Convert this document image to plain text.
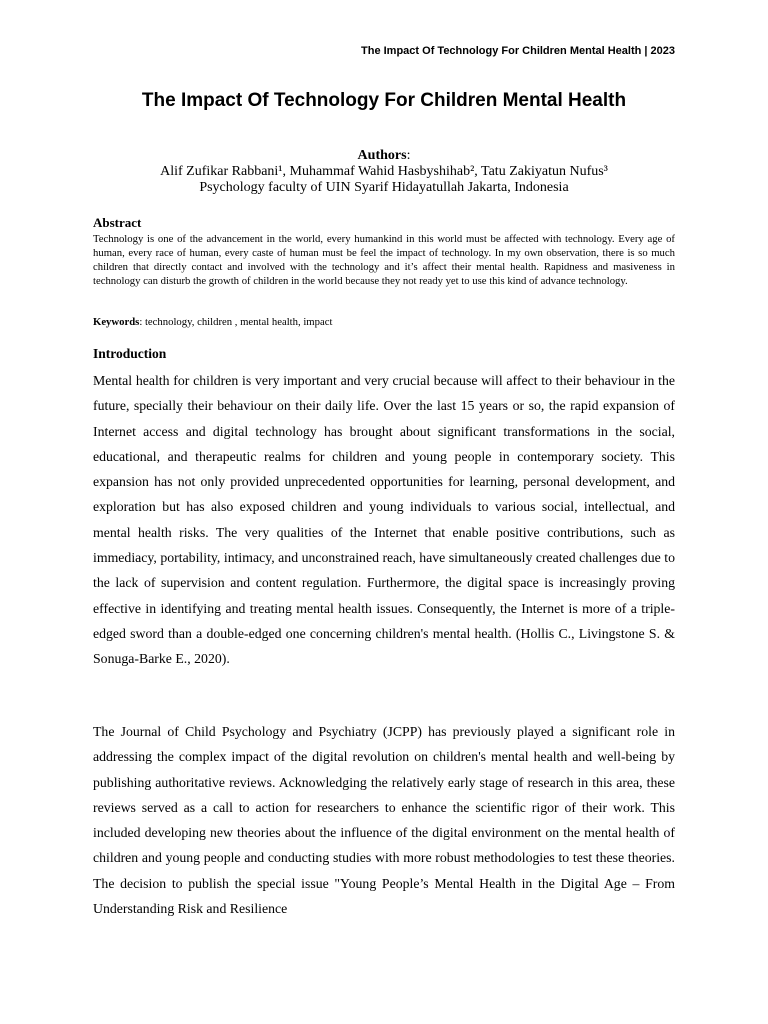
The Impact Of Technology For Children Mental Health | 2023
The Impact Of Technology For Children Mental Health
Authors:
Alif Zufikar Rabbani¹, Muhammaf Wahid Hasbyshihab², Tatu Zakiyatun Nufus³
Psychology faculty of UIN Syarif Hidayatullah Jakarta, Indonesia
Abstract
Technology is one of the advancement in the world, every humankind in this world must be affected with technology. Every age of human, every race of human, every caste of human must be feel the impact of technology. In my own observation, there is so much children that directly contact and involved with the technology and it’s affect their mental health. Rapidness and masiveness in technology can disturb the growth of children in the world because they not ready yet to use this kind of advance technology.
Keywords: technology, children , mental health, impact
Introduction
Mental health for children is very important and very crucial because will affect to their behaviour in the future, specially their behaviour on their daily life. Over the last 15 years or so, the rapid expansion of Internet access and digital technology has brought about significant transformations in the social, educational, and therapeutic realms for children and young people in contemporary society. This expansion has not only provided unprecedented opportunities for learning, personal development, and exploration but has also exposed children and young individuals to various social, intellectual, and mental health risks. The very qualities of the Internet that enable positive contributions, such as immediacy, portability, intimacy, and unconstrained reach, have simultaneously created challenges due to the lack of supervision and content regulation. Furthermore, the digital space is increasingly proving effective in identifying and treating mental health issues. Consequently, the Internet is more of a triple-edged sword than a double-edged one concerning children's mental health. (Hollis C., Livingstone S. & Sonuga-Barke E., 2020).
The Journal of Child Psychology and Psychiatry (JCPP) has previously played a significant role in addressing the complex impact of the digital revolution on children's mental health and well-being by publishing authoritative reviews. Acknowledging the relatively early stage of research in this area, these reviews served as a call to action for researchers to enhance the scientific rigor of their work. This included developing new theories about the influence of the digital environment on the mental health of children and young people and conducting studies with more robust methodologies to test these theories. The decision to publish the special issue "Young People’s Mental Health in the Digital Age – From Understanding Risk and Resilience
